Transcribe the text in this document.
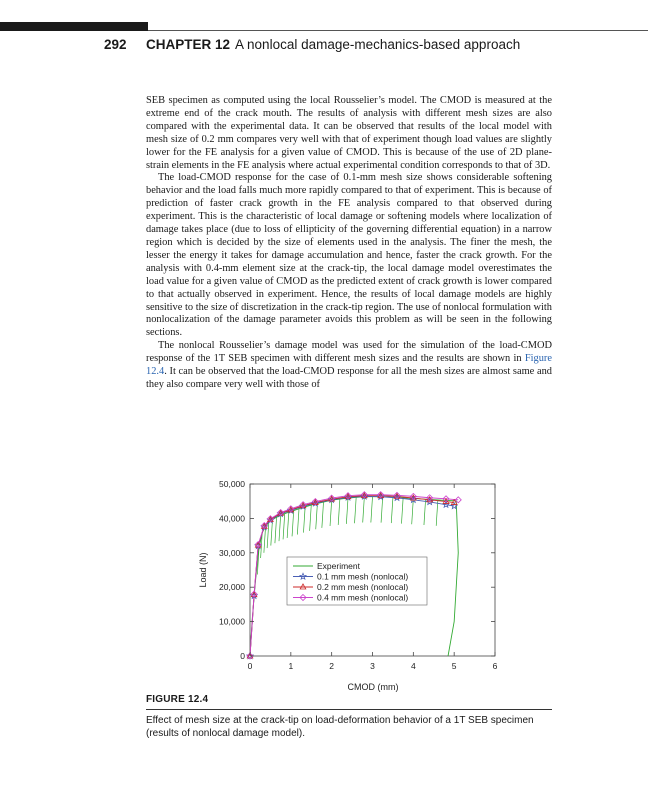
292 CHAPTER 12 A nonlocal damage-mechanics-based approach

SEB specimen as computed using the local Rousselier’s model. The CMOD is measured at the extreme end of the crack mouth. The results of analysis with different mesh sizes are also compared with the experimental data. It can be observed that results of the local model with mesh size of 0.2 mm compares very well with that of experiment though load values are slightly lower for the FE analysis for a given value of CMOD. This is because of the use of 2D plane-strain elements in the FE analysis where actual experimental condition corresponds to that of 3D.

The load-CMOD response for the case of 0.1-mm mesh size shows considerable softening behavior and the load falls much more rapidly compared to that of experiment. This is because of prediction of faster crack growth in the FE analysis compared to that observed during experiment. This is the characteristic of local damage or softening models where localization of damage takes place (due to loss of ellipticity of the governing differential equation) in a narrow region which is decided by the size of elements used in the analysis. The finer the mesh, the lesser the energy it takes for damage accumulation and hence, faster the crack growth. For the analysis with 0.4-mm element size at the crack-tip, the local damage model overestimates the load value for a given value of CMOD as the predicted extent of crack growth is lower compared to that actually observed in experiment. Hence, the results of local damage models are highly sensitive to the size of discretization in the crack-tip region. The use of nonlocal formulation with nonlocalization of the damage parameter avoids this problem as will be seen in the following sections.

The nonlocal Rousselier’s damage model was used for the simulation of the load-CMOD response of the 1T SEB specimen with different mesh sizes and the results are shown in Figure 12.4. It can be observed that the load-CMOD response for all the mesh sizes are almost same and they also compare very well with those of

0	1	2	3	4	5	6
0
10,000
20,000
30,000
40,000
50,000
CMOD (mm)
Load (N)	Experiment
0.1 mm mesh (nonlocal)
0.2 mm mesh (nonlocal)
0.4 mm mesh (nonlocal)
FIGURE 12.4
Effect of mesh size at the crack-tip on load-deformation behavior of a 1T SEB specimen (results of nonlocal damage model).
